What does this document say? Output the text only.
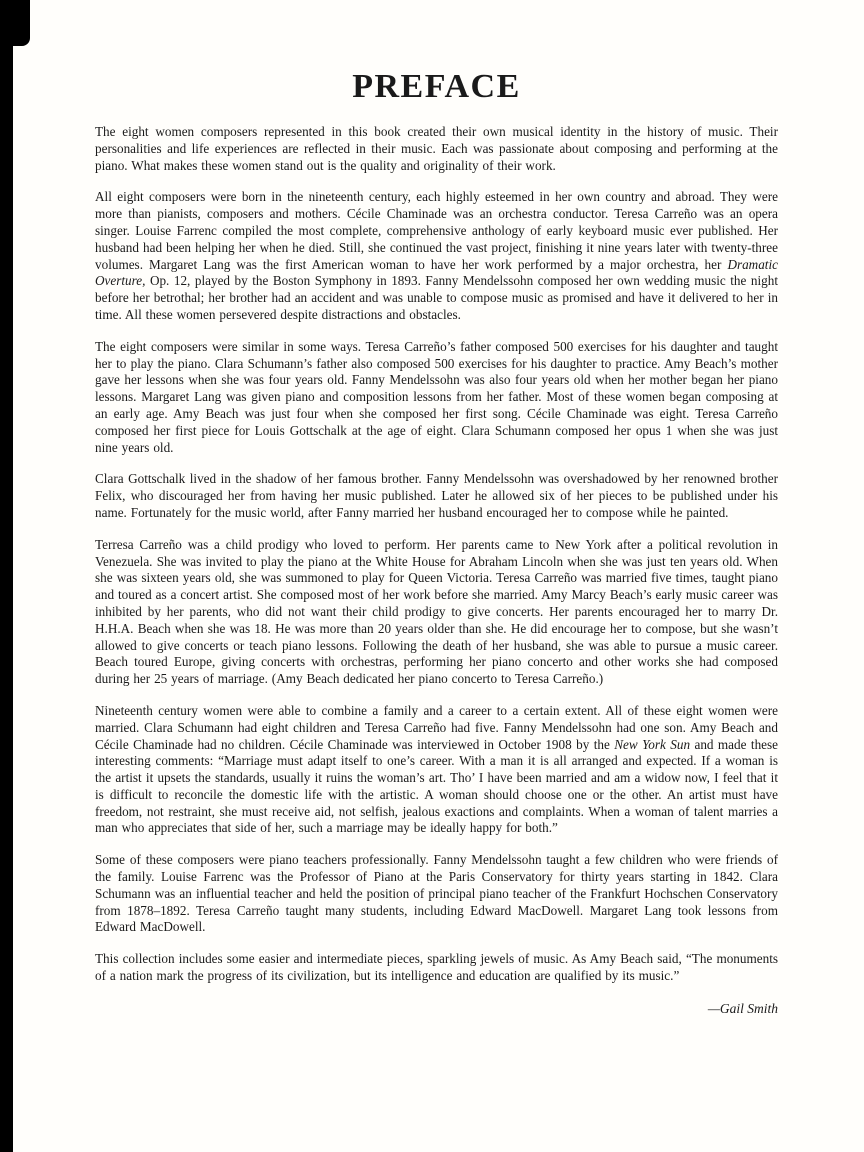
PREFACE

The eight women composers represented in this book created their own musical identity in the history of music. Their personalities and life experiences are reflected in their music. Each was passionate about composing and performing at the piano. What makes these women stand out is the quality and originality of their work.

All eight composers were born in the nineteenth century, each highly esteemed in her own country and abroad. They were more than pianists, composers and mothers. Cécile Chaminade was an orchestra conductor. Teresa Carreño was an opera singer. Louise Farrenc compiled the most complete, comprehensive anthology of early keyboard music ever published. Her husband had been helping her when he died. Still, she continued the vast project, finishing it nine years later with twenty-three volumes. Margaret Lang was the first American woman to have her work performed by a major orchestra, her Dramatic Overture, Op. 12, played by the Boston Symphony in 1893. Fanny Mendelssohn composed her own wedding music the night before her betrothal; her brother had an accident and was unable to compose music as promised and have it delivered to her in time. All these women persevered despite distractions and obstacles.

The eight composers were similar in some ways. Teresa Carreño’s father composed 500 exercises for his daughter and taught her to play the piano. Clara Schumann’s father also composed 500 exercises for his daughter to practice. Amy Beach’s mother gave her lessons when she was four years old. Fanny Mendelssohn was also four years old when her mother began her piano lessons. Margaret Lang was given piano and composition lessons from her father. Most of these women began composing at an early age. Amy Beach was just four when she composed her first song. Cécile Chaminade was eight. Teresa Carreño composed her first piece for Louis Gottschalk at the age of eight. Clara Schumann composed her opus 1 when she was just nine years old.

Clara Gottschalk lived in the shadow of her famous brother. Fanny Mendelssohn was overshadowed by her renowned brother Felix, who discouraged her from having her music published. Later he allowed six of her pieces to be published under his name. Fortunately for the music world, after Fanny married her husband encouraged her to compose while he painted.

Terresa Carreño was a child prodigy who loved to perform. Her parents came to New York after a political revolution in Venezuela. She was invited to play the piano at the White House for Abraham Lincoln when she was just ten years old. When she was sixteen years old, she was summoned to play for Queen Victoria. Teresa Carreño was married five times, taught piano and toured as a concert artist. She composed most of her work before she married. Amy Marcy Beach’s early music career was inhibited by her parents, who did not want their child prodigy to give concerts. Her parents encouraged her to marry Dr. H.H.A. Beach when she was 18. He was more than 20 years older than she. He did encourage her to compose, but she wasn’t allowed to give concerts or teach piano lessons. Following the death of her husband, she was able to pursue a music career. Beach toured Europe, giving concerts with orchestras, performing her piano concerto and other works she had composed during her 25 years of marriage. (Amy Beach dedicated her piano concerto to Teresa Carreño.)

Nineteenth century women were able to combine a family and a career to a certain extent. All of these eight women were married. Clara Schumann had eight children and Teresa Carreño had five. Fanny Mendelssohn had one son. Amy Beach and Cécile Chaminade had no children. Cécile Chaminade was interviewed in October 1908 by the New York Sun and made these interesting comments: “Marriage must adapt itself to one’s career. With a man it is all arranged and expected. If a woman is the artist it upsets the standards, usually it ruins the woman’s art. Tho’ I have been married and am a widow now, I feel that it is difficult to reconcile the domestic life with the artistic. A woman should choose one or the other. An artist must have freedom, not restraint, she must receive aid, not selfish, jealous exactions and complaints. When a woman of talent marries a man who appreciates that side of her, such a marriage may be ideally happy for both.”

Some of these composers were piano teachers professionally. Fanny Mendelssohn taught a few children who were friends of the family. Louise Farrenc was the Professor of Piano at the Paris Conservatory for thirty years starting in 1842. Clara Schumann was an influential teacher and held the position of principal piano teacher of the Frankfurt Hochschen Conservatory from 1878–1892. Teresa Carreño taught many students, including Edward MacDowell. Margaret Lang took lessons from Edward MacDowell.

This collection includes some easier and intermediate pieces, sparkling jewels of music. As Amy Beach said, “The monuments of a nation mark the progress of its civilization, but its intelligence and education are qualified by its music.”

—Gail Smith
